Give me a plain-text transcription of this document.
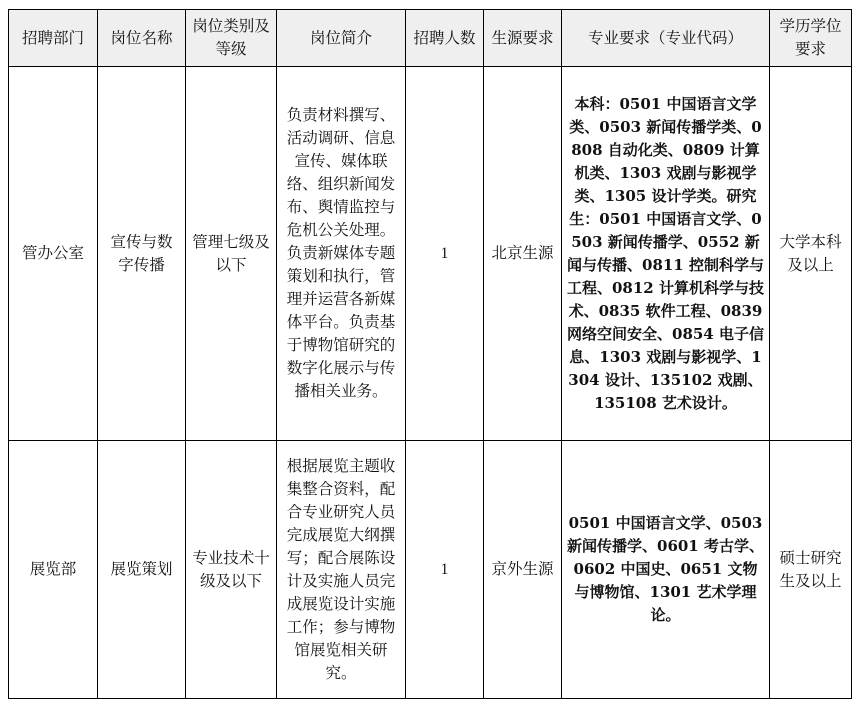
招聘部门	岗位名称	岗位类别及等级	岗位简介	招聘人数	生源要求	专业要求（专业代码）	学历学位要求
管办公室	宣传与数字传播	管理七级及以下	负责材料撰写、活动调研、信息宣传、媒体联络、组织新闻发布、舆情监控与危机公关处理。负责新媒体专题策划和执行，管理并运营各新媒体平台。负责基于博物馆研究的数字化展示与传播相关业务。	1	北京生源	本科：0501 中国语言文学类、0503 新闻传播学类、0808 自动化类、0809 计算机类、1303 戏剧与影视学类、1305 设计学类。研究生：0501 中国语言文学、0503 新闻传播学、0552 新闻与传播、0811 控制科学与工程、0812 计算机科学与技术、0835 软件工程、0839 网络空间安全、0854 电子信息、1303 戏剧与影视学、1304 设计、135102 戏剧、135108 艺术设计。	大学本科及以上
展览部	展览策划	专业技术十级及以下	根据展览主题收集整合资料，配合专业研究人员完成展览大纲撰写；配合展陈设计及实施人员完成展览设计实施工作；参与博物馆展览相关研究。	1	京外生源	0501 中国语言文学、0503 新闻传播学、0601 考古学、0602 中国史、0651 文物与博物馆、1301 艺术学理论。	硕士研究生及以上
